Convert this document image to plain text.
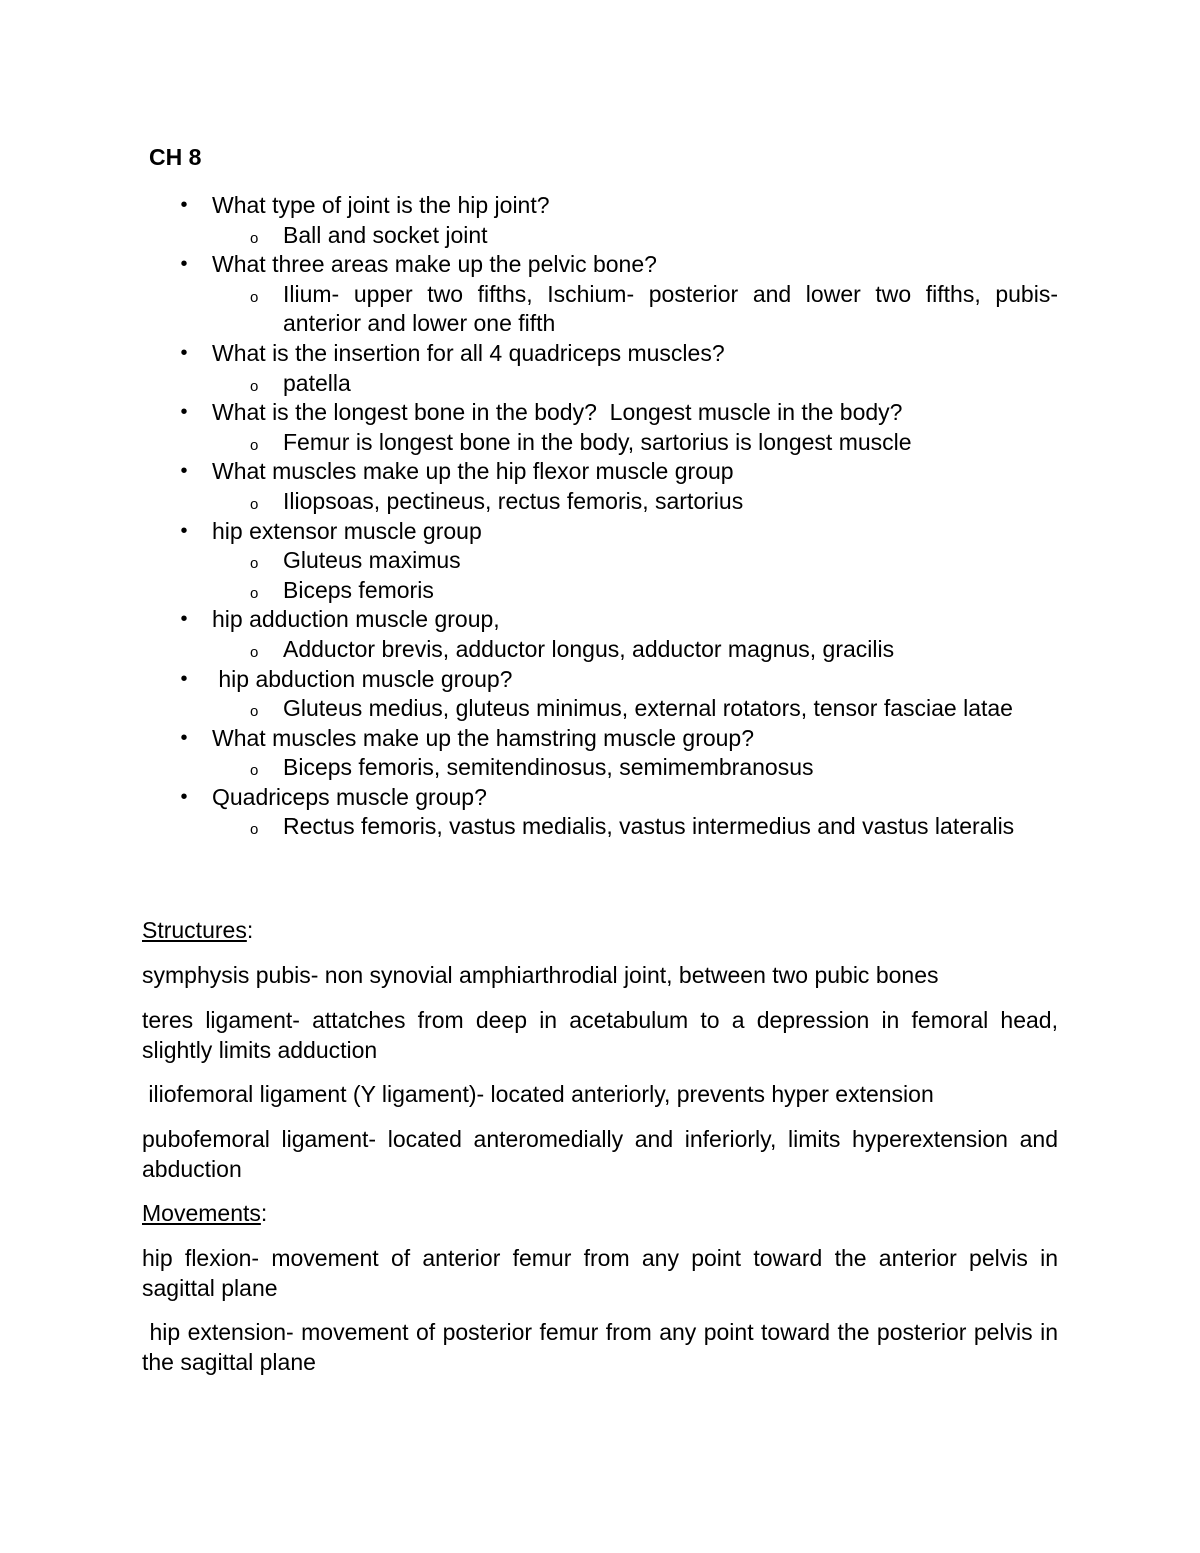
CH 8
• What type of joint is the hip joint?
o Ball and socket joint
• What three areas make up the pelvic bone?
o Ilium- upper two fifths, Ischium- posterior and lower two fifths, pubis- anterior and lower one fifth
• What is the insertion for all 4 quadriceps muscles?
o patella
• What is the longest bone in the body?  Longest muscle in the body?
o Femur is longest bone in the body, sartorius is longest muscle
• What muscles make up the hip flexor muscle group
o Iliopsoas, pectineus, rectus femoris, sartorius
• hip extensor muscle group
o Gluteus maximus
o Biceps femoris
• hip adduction muscle group,
o Adductor brevis, adductor longus, adductor magnus, gracilis
• hip abduction muscle group?
o Gluteus medius, gluteus minimus, external rotators, tensor fasciae latae
• What muscles make up the hamstring muscle group?
o Biceps femoris, semitendinosus, semimembranosus
• Quadriceps muscle group?
o Rectus femoris, vastus medialis, vastus intermedius and vastus lateralis

Structures:

symphysis pubis- non synovial amphiarthrodial joint, between two pubic bones

teres ligament- attatches from deep in acetabulum to a depression in femoral head, slightly limits adduction

iliofemoral ligament (Y ligament)- located anteriorly, prevents hyper extension

pubofemoral ligament- located anteromedially and inferiorly, limits hyperextension and abduction

Movements:

hip flexion- movement of anterior femur from any point toward the anterior pelvis in sagittal plane

hip extension- movement of posterior femur from any point toward the posterior pelvis in the sagittal plane
